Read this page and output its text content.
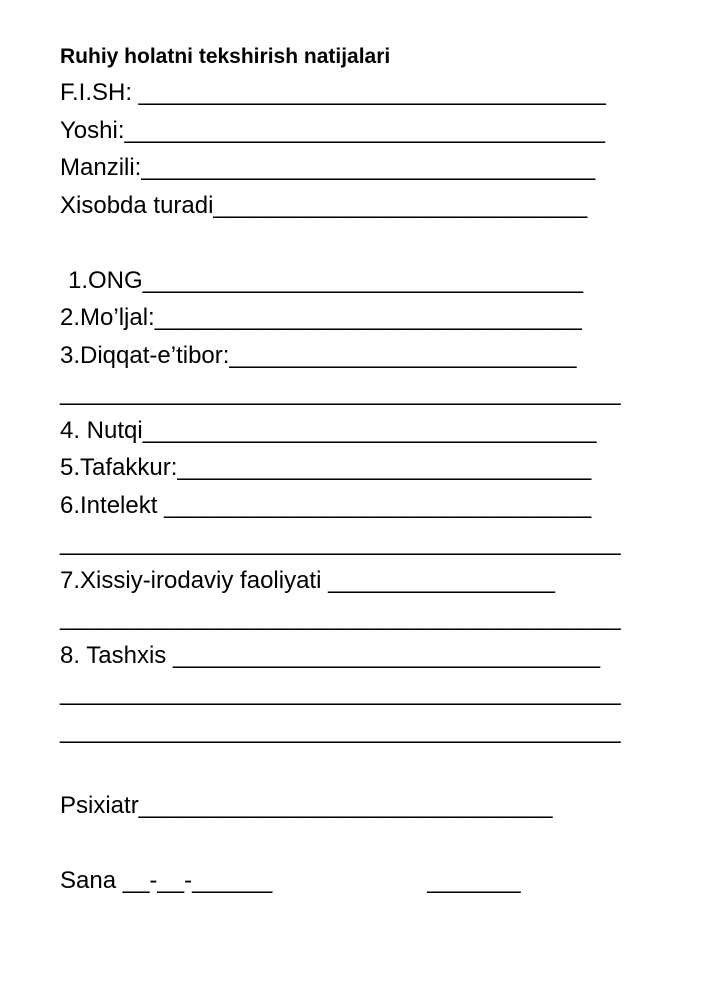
Ruhiy holatni tekshirish natijalari
F.I.SH: ___________________________________
Yoshi:____________________________________
Manzili:__________________________________
Xisobda turadi____________________________
1.ONG_________________________________
2.Mo’ljal:________________________________
3.Diqqat-e’tibor:__________________________
__________________________________________
4. Nutqi__________________________________
5.Tafakkur:_______________________________
6.Intelekt ________________________________
__________________________________________
7.Xissiy-irodaviy faoliyati _________________
__________________________________________
8. Tashxis ________________________________
__________________________________________
__________________________________________
Psixiatr_______________________________
Sana __-__-______	_______
